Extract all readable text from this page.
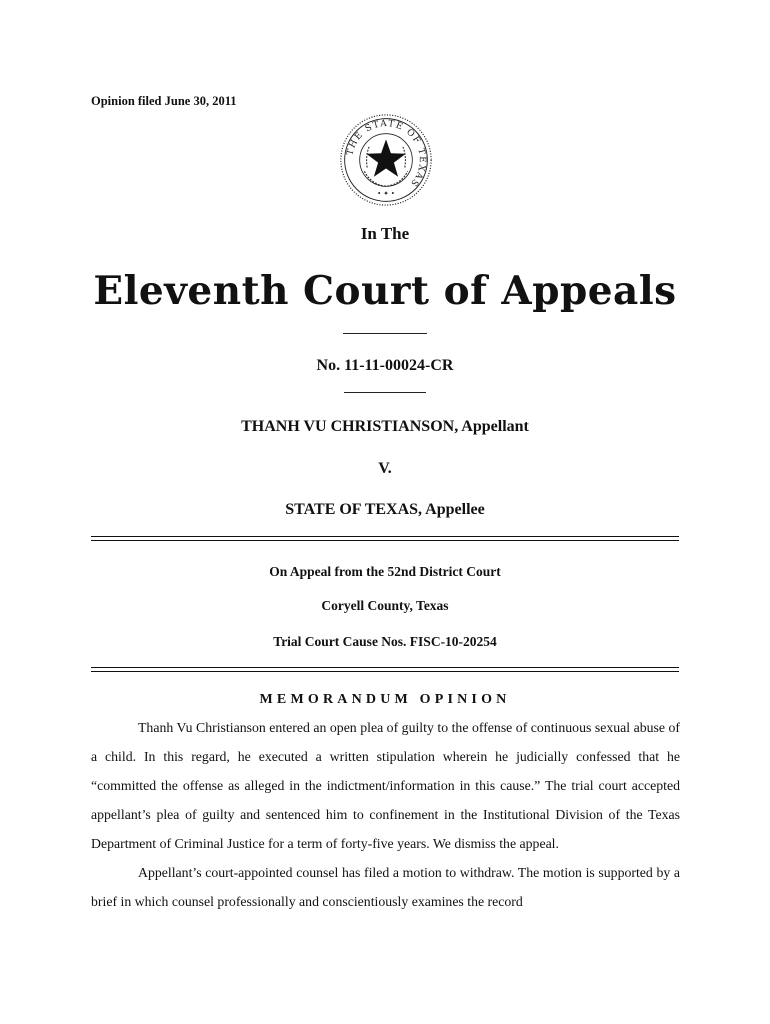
Opinion filed June 30, 2011
THE STATE OF TEXAS
• ✦ •
In The
Eleventh Court of Appeals
No. 11-11-00024-CR
THANH VU CHRISTIANSON, Appellant
V.
STATE OF TEXAS, Appellee
On Appeal from the 52nd District Court
Coryell County, Texas
Trial Court Cause Nos. FISC-10-20254
MEMORANDUM OPINION

Thanh Vu Christianson entered an open plea of guilty to the offense of continuous sexual abuse of a child. In this regard, he executed a written stipulation wherein he judicially confessed that he “committed the offense as alleged in the indictment/information in this cause.” The trial court accepted appellant’s plea of guilty and sentenced him to confinement in the Institutional Division of the Texas Department of Criminal Justice for a term of forty-five years. We dismiss the appeal.

Appellant’s court-appointed counsel has filed a motion to withdraw. The motion is supported by a brief in which counsel professionally and conscientiously examines the record
